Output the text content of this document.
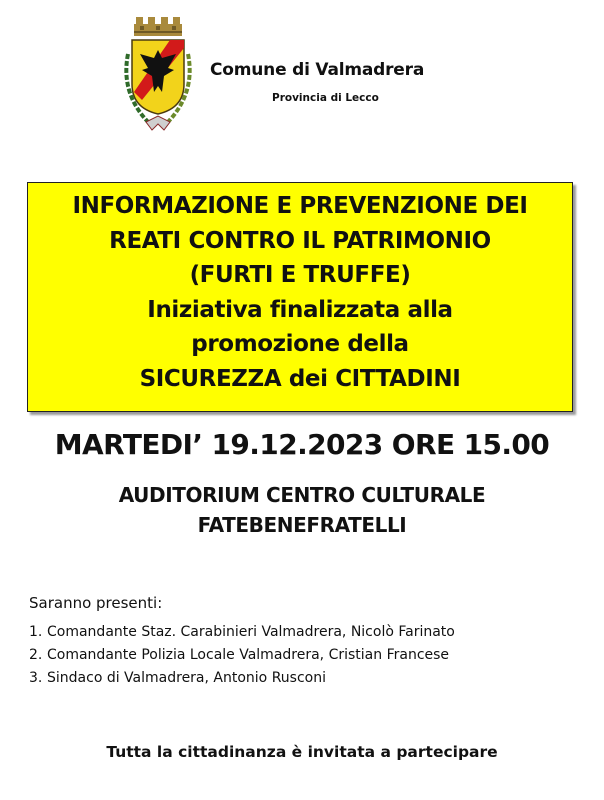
Comune di Valmadrera
Provincia di Lecco
INFORMAZIONE E PREVENZIONE DEI
REATI CONTRO IL PATRIMONIO
(FURTI E TRUFFE)
Iniziativa finalizzata alla
promozione della
SICUREZZA dei CITTADINI
MARTEDI’ 19.12.2023 ORE 15.00
AUDITORIUM CENTRO CULTURALE
FATEBENEFRATELLI
Saranno presenti:
1. Comandante Staz. Carabinieri Valmadrera, Nicolò Farinato
2. Comandante Polizia Locale Valmadrera, Cristian Francese
3. Sindaco di Valmadrera, Antonio Rusconi
Tutta la cittadinanza è invitata a partecipare
